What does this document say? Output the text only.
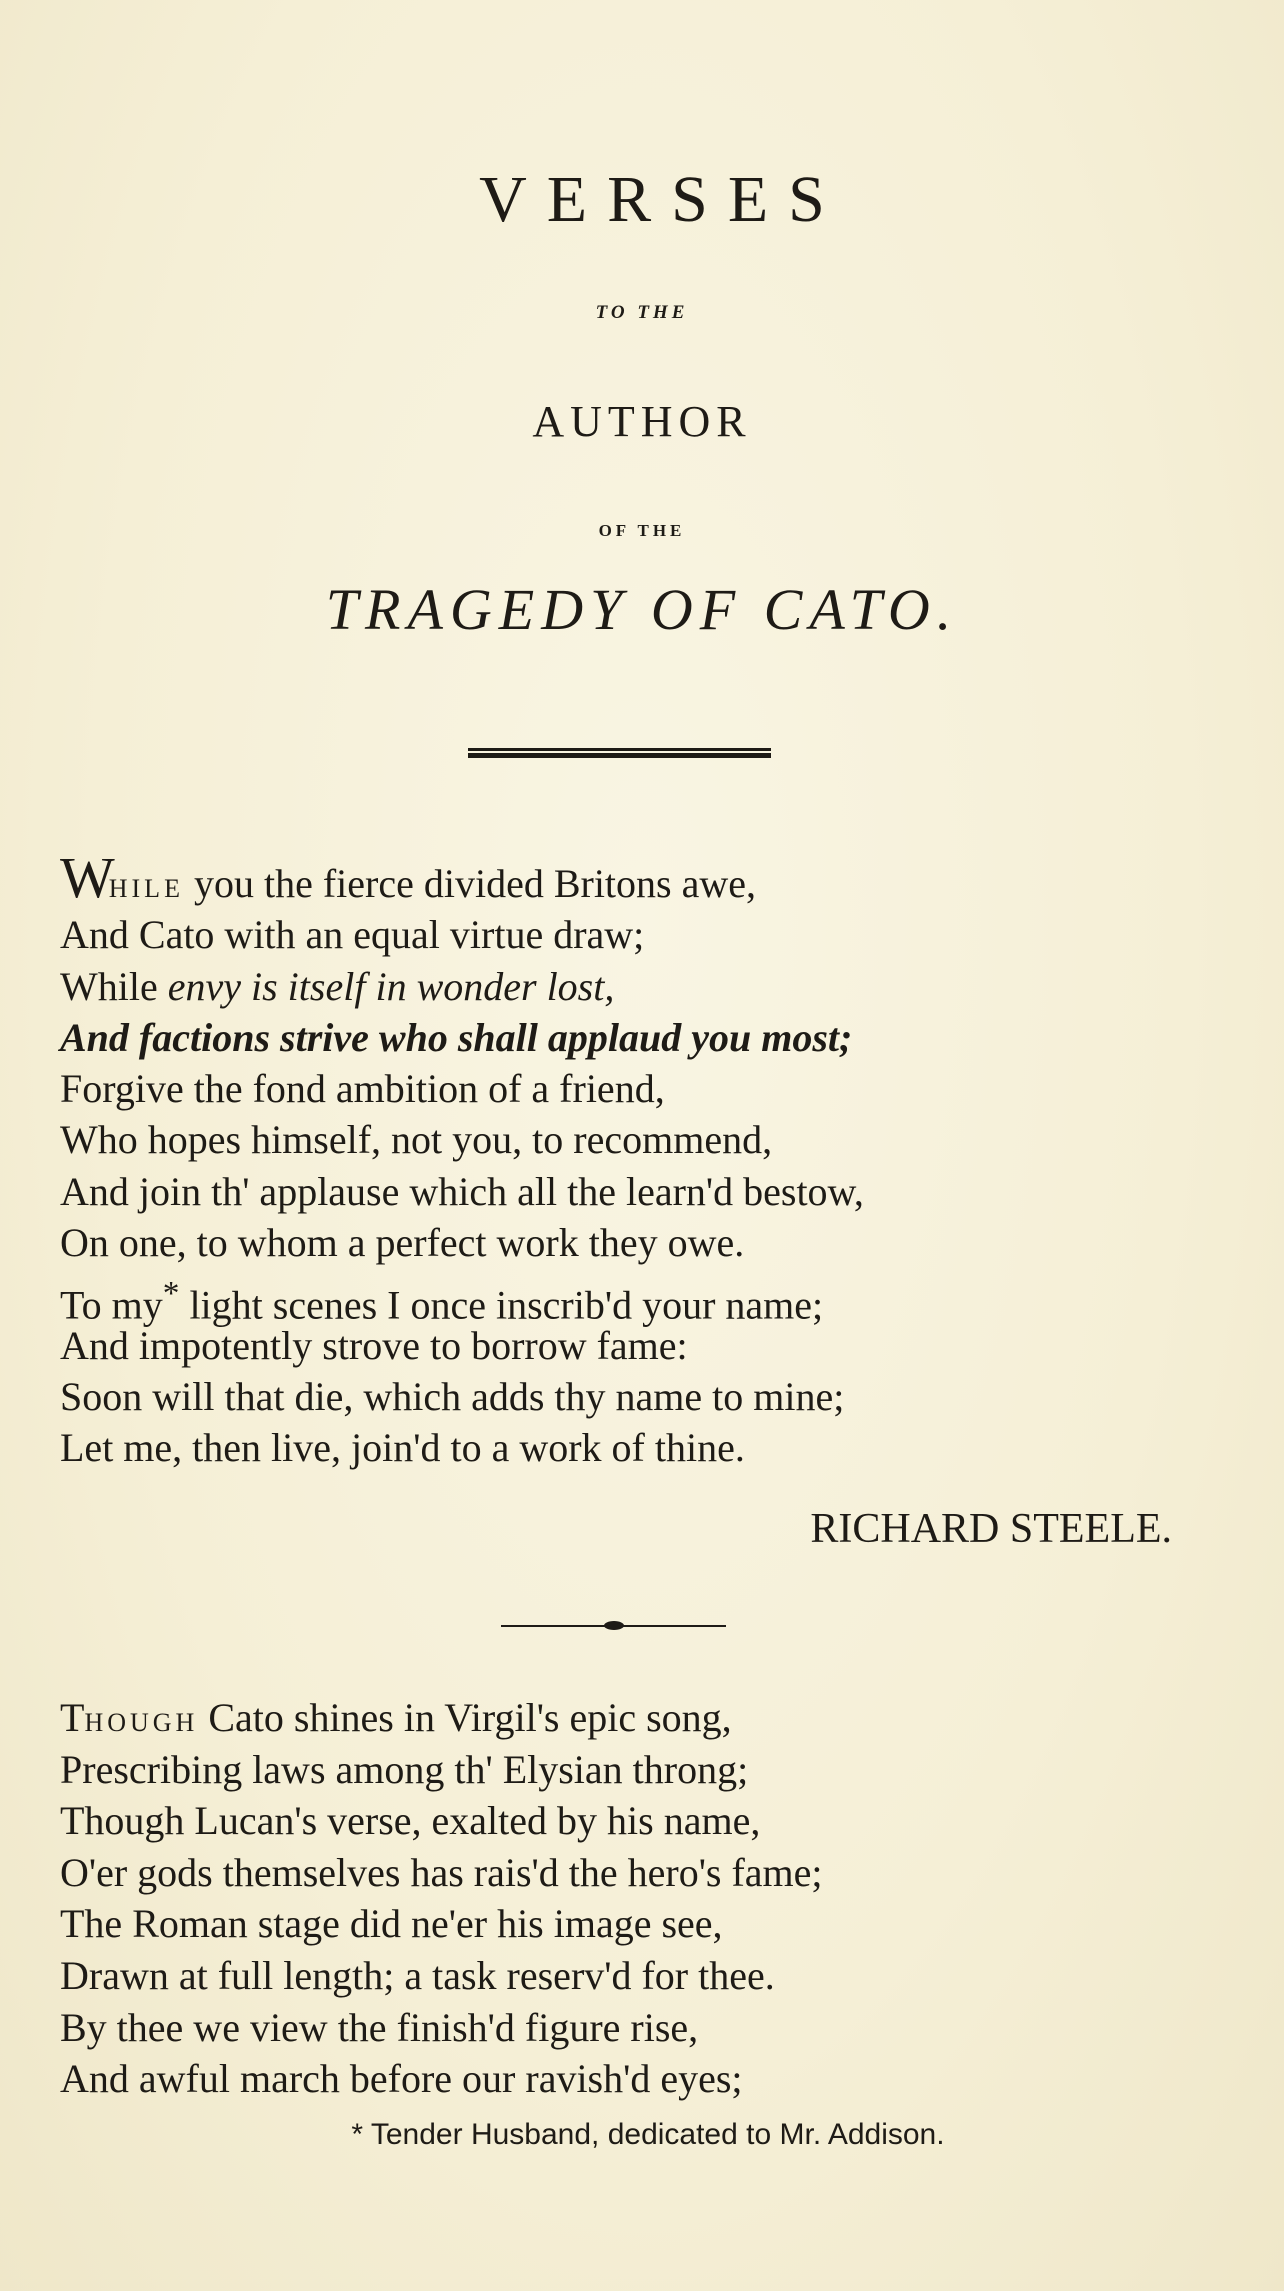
VERSES
TO THE
AUTHOR
OF THE
TRAGEDY OF CATO.
WHILE you the fierce divided Britons awe,
And Cato with an equal virtue draw;
While envy is itself in wonder lost,
And factions strive who shall applaud you most;
Forgive the fond ambition of a friend,
Who hopes himself, not you, to recommend,
And join th' applause which all the learn'd bestow,
On one, to whom a perfect work they owe.
To my* light scenes I once inscrib'd your name;
And impotently strove to borrow fame:
Soon will that die, which adds thy name to mine;
Let me, then live, join'd to a work of thine.
RICHARD STEELE.
THOUGH Cato shines in Virgil's epic song,
Prescribing laws among th' Elysian throng;
Though Lucan's verse, exalted by his name,
O'er gods themselves has rais'd the hero's fame;
The Roman stage did ne'er his image see,
Drawn at full length; a task reserv'd for thee.
By thee we view the finish'd figure rise,
And awful march before our ravish'd eyes;
* Tender Husband, dedicated to Mr. Addison.
